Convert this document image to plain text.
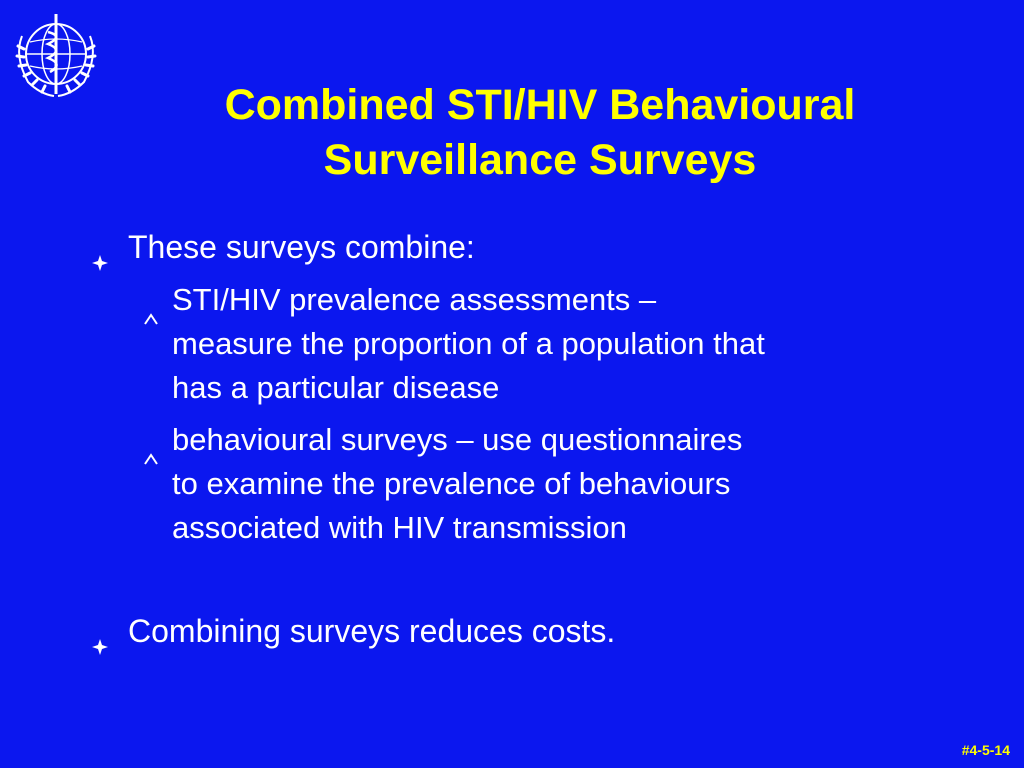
Combined STI/HIV Behavioural
Surveillance Surveys
These surveys combine:
STI/HIV prevalence assessments –
measure the proportion of a population that
has a particular disease
behavioural surveys – use questionnaires
to examine the prevalence of behaviours
associated with HIV transmission
Combining surveys reduces costs.
#4-5-14
